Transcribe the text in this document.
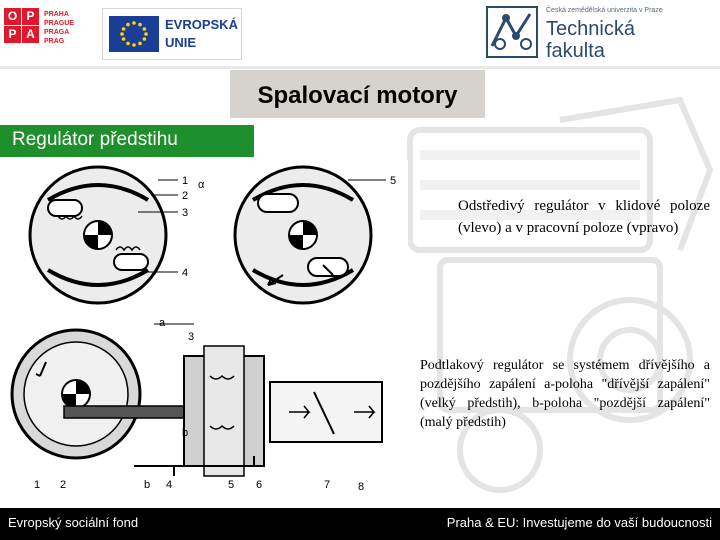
O P
P A
PRAHA
PRAGUE
PRAGA
PRAG
EVROPSKÁ
UNIE
Česká zemědělská univerzita v Praze
Technická
fakulta
Spalovací motory
Regulátor předstihu
1
2
3
4
α	5
3
a
b
1 2	b 4	5 6	7	8
Odstředivý regulátor v klidové poloze (vlevo) a v pracovní poloze (vpravo)
Podtlakový regulátor se systémem dřívějšího a pozdějšího zapálení a-poloha "dřívější zapálení" (velký předstih), b-poloha "pozdější zapálení" (malý předstih)
Evropský sociální fond	Praha & EU: Investujeme do vaší budoucnosti
